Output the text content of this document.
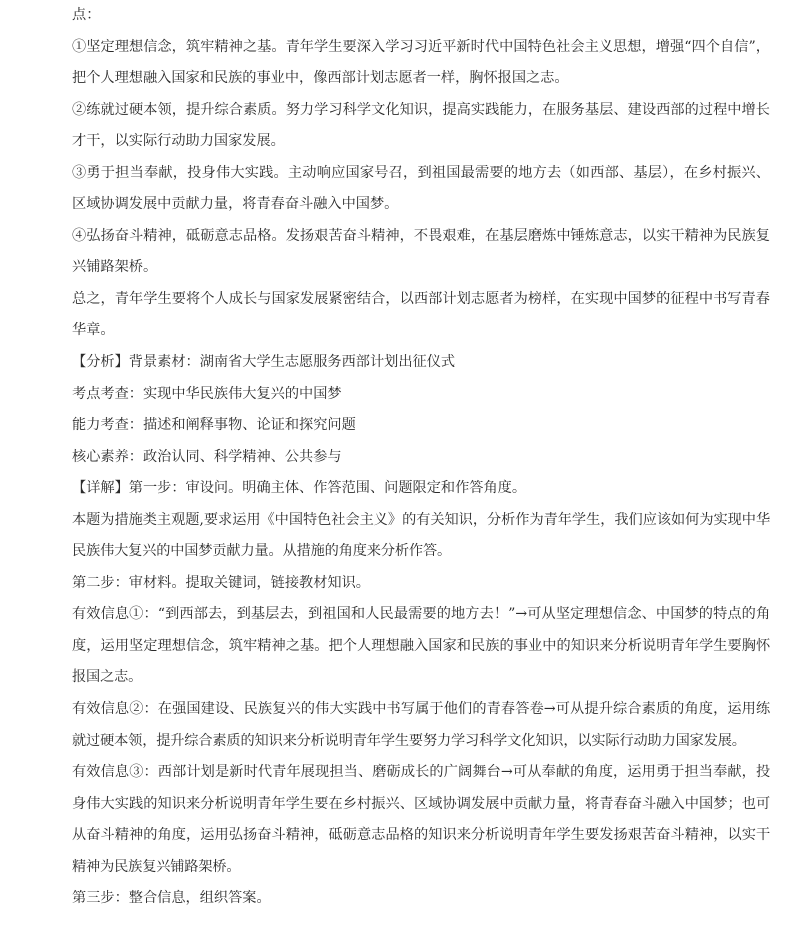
点：

①坚定理想信念，筑牢精神之基。青年学生要深入学习习近平新时代中国特色社会主义思想，增强“四个自信”，把个人理想融入国家和民族的事业中，像西部计划志愿者一样，胸怀报国之志。

②练就过硬本领，提升综合素质。努力学习科学文化知识，提高实践能力，在服务基层、建设西部的过程中增长才干，以实际行动助力国家发展。

③勇于担当奉献，投身伟大实践。主动响应国家号召，到祖国最需要的地方去（如西部、基层），在乡村振兴、区域协调发展中贡献力量，将青春奋斗融入中国梦。

④弘扬奋斗精神，砥砺意志品格。发扬艰苦奋斗精神，不畏艰难，在基层磨炼中锤炼意志，以实干精神为民族复兴铺路架桥。

总之，青年学生要将个人成长与国家发展紧密结合，以西部计划志愿者为榜样，在实现中国梦的征程中书写青春华章。

【分析】背景素材：湖南省大学生志愿服务西部计划出征仪式

考点考查：实现中华民族伟大复兴的中国梦

能力考查：描述和阐释事物、论证和探究问题

核心素养：政治认同、科学精神、公共参与

【详解】第一步：审设问。明确主体、作答范围、问题限定和作答角度。

本题为措施类主观题,要求运用《中国特色社会主义》的有关知识，分析作为青年学生，我们应该如何为实现中华民族伟大复兴的中国梦贡献力量。从措施的角度来分析作答。

第二步：审材料。提取关键词，链接教材知识。

有效信息①：“到西部去，到基层去，到祖国和人民最需要的地方去！”→可从坚定理想信念、中国梦的特点的角度，运用坚定理想信念，筑牢精神之基。把个人理想融入国家和民族的事业中的知识来分析说明青年学生要胸怀报国之志。

有效信息②：在强国建设、民族复兴的伟大实践中书写属于他们的青春答卷→可从提升综合素质的角度，运用练就过硬本领，提升综合素质的知识来分析说明青年学生要努力学习科学文化知识，以实际行动助力国家发展。

有效信息③：西部计划是新时代青年展现担当、磨砺成长的广阔舞台→可从奉献的角度，运用勇于担当奉献，投身伟大实践的知识来分析说明青年学生要在乡村振兴、区域协调发展中贡献力量，将青春奋斗融入中国梦；也可从奋斗精神的角度，运用弘扬奋斗精神，砥砺意志品格的知识来分析说明青年学生要发扬艰苦奋斗精神，以实干精神为民族复兴铺路架桥。

第三步：整合信息，组织答案。
